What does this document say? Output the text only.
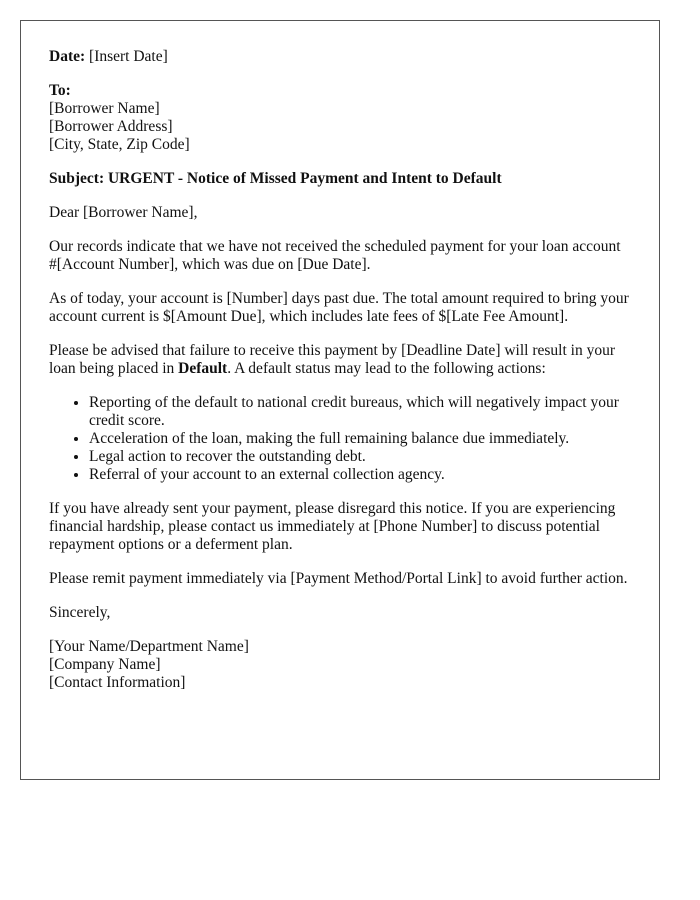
Date: [Insert Date]

To:
[Borrower Name]
[Borrower Address]
[City, State, Zip Code]

Subject: URGENT - Notice of Missed Payment and Intent to Default

Dear [Borrower Name],

Our records indicate that we have not received the scheduled payment for your loan account #[Account Number], which was due on [Due Date].

As of today, your account is [Number] days past due. The total amount required to bring your account current is $[Amount Due], which includes late fees of $[Late Fee Amount].

Please be advised that failure to receive this payment by [Deadline Date] will result in your loan being placed in Default. A default status may lead to the following actions:

• Reporting of the default to national credit bureaus, which will negatively impact your credit score.
• Acceleration of the loan, making the full remaining balance due immediately.
• Legal action to recover the outstanding debt.
• Referral of your account to an external collection agency.

If you have already sent your payment, please disregard this notice. If you are experiencing financial hardship, please contact us immediately at [Phone Number] to discuss potential repayment options or a deferment plan.

Please remit payment immediately via [Payment Method/Portal Link] to avoid further action.

Sincerely,

[Your Name/Department Name]
[Company Name]
[Contact Information]
